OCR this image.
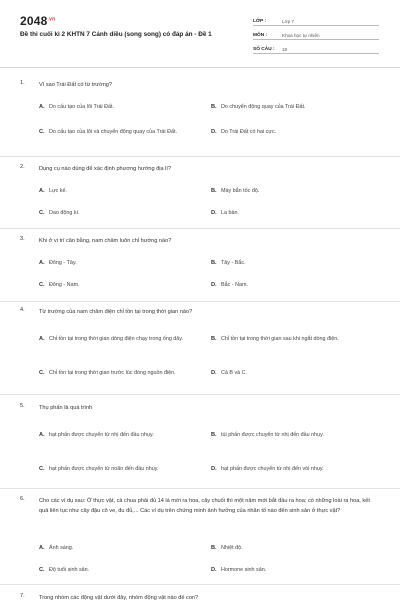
$2048^{.vn}$
Đề thi cuối kì 2 KHTN 7 Cánh diều (song song) có đáp án - Đề 1
LỚP :	Lớp 7
MÔN :	Khoa học tự nhiên
SỐ CÂU :	19
1.	Vì sao Trái Đất có từ trường?
A. Do cấu tạo của lõi Trái Đất.	B. Do chuyển động quay của Trái Đất.
C. Do cấu tạo của lõi và chuyển động quay của Trái Đất.	D. Do Trái Đất có hai cực.
2.	Dụng cụ nào dùng để xác định phương hướng địa lí?
A. Lực kế.	B. Máy bắn tốc độ.
C. Dao động kí.	D. La bàn.
3.	Khi ở vị trí cân bằng, nam châm luôn chỉ hướng nào?
A. Đông - Tây.	B. Tây - Bắc.
C. Đông - Nam.	D. Bắc - Nam.
4.	Từ trường của nam châm điện chỉ tồn tại trong thời gian nào?
A. Chỉ tồn tại trong thời gian dòng điện chạy trong ống dây.	B. Chỉ tồn tại trong thời gian sau khi ngắt dòng điện.
C. Chỉ tồn tại trong thời gian trước lúc đóng nguồn điện.	D. Cả B và C.
5.	Thụ phấn là quá trình
A. hạt phấn được chuyển từ nhị đến đầu nhụy.	B. túi phấn được chuyển từ nhị đến đầu nhụy.
C. hạt phấn được chuyển từ noãn đến đầu nhụy.	D. hạt phấn được chuyển từ nhị đến vòi nhụy.
6.	Cho các ví dụ sau: Ở thực vật, cà chua phải đủ 14 lá mới ra hoa, cây chuối thì một năm mới bắt đầu ra hoa; có những loài ra hoa, kết quả liên tục như cây đậu cô ve, đu đủ,... Các ví dụ trên chứng minh ảnh hưởng của nhân tố nào đến sinh sản ở thực vật?
A. Ánh sáng.	B. Nhiệt độ.
C. Độ tuổi sinh sản.	D. Hormone sinh sản.
7.	Trong nhóm các động vật dưới đây, nhóm động vật nào đẻ con?
